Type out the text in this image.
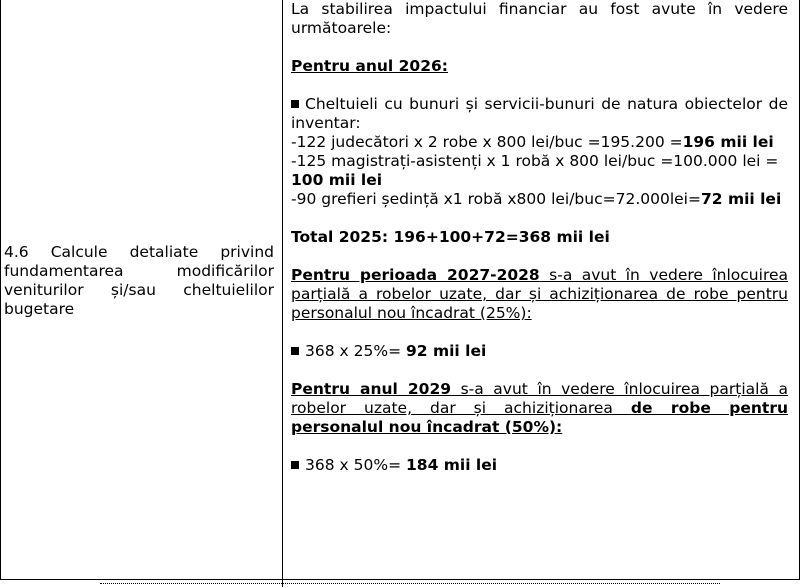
4.6 Calcule detaliate privind
fundamentarea modificărilor
veniturilor și/sau cheltuielilor
bugetare

La stabilirea impactului financiar au fost avute în vedere următoarele:

Pentru anul 2026:

Cheltuieli cu bunuri și servicii-bunuri de natura obiectelor de inventar:

-122 judecători x 2 robe x 800 lei/buc =195.200 =196 mii lei

-125 magistrați-asistenți x 1 robă x 800 lei/buc =100.000 lei = 100 mii lei

-90 grefieri ședință x1 robă x800 lei/buc=72.000lei=72 mii lei

Total 2025: 196+100+72=368 mii lei

Pentru perioada 2027-2028 s-a avut în vedere înlocuirea parțială a robelor uzate, dar și achiziționarea de robe pentru personalul nou încadrat (25%):

368 x 25%= 92 mii lei

Pentru anul 2029 s-a avut în vedere înlocuirea parțială a robelor uzate, dar și achiziționarea de robe pentru personalul nou încadrat (50%):

368 x 50%= 184 mii lei
